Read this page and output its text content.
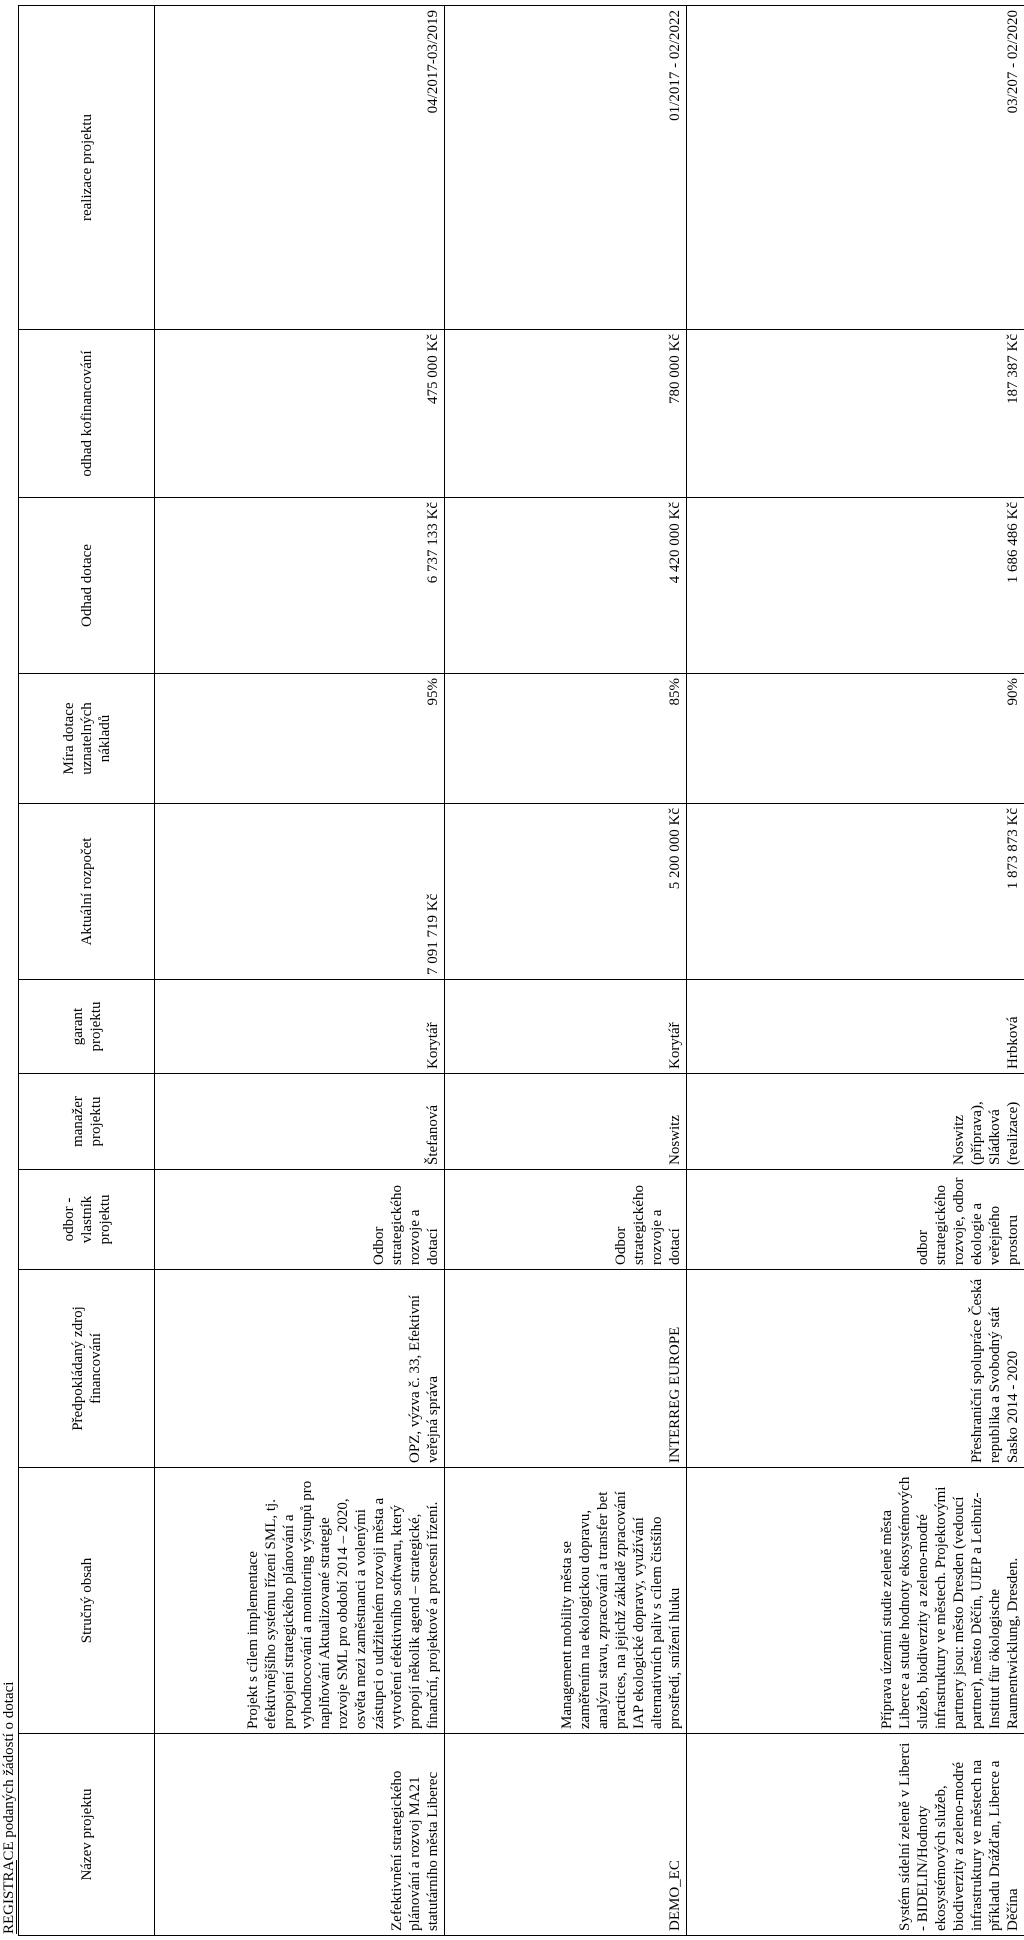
REGISTRACE podaných žádostí o dotaci	Název projektu	Stručný obsah	Předpokládaný zdroj financování	odbor - vlastník projektu	manažer projektu	garant projektu	Aktuální rozpočet	Míra dotace uznatelných nákladů	Odhad dotace	odhad kofinancování	realizace projektu
Zefektivnění strategického plánování a rozvoj MA21 statutárního města Liberec	Projekt s cílem implementace efektivnějšího systému řízení SML, tj. propojení strategického plánování a vyhodnocování a monitoring výstupů pro naplňování Aktualizované strategie rozvoje SML pro období 2014 – 2020, osvěta mezi zaměstnanci a volenými zástupci o udržitelném rozvoji města a vytvoření efektivního softwaru, který propojí několik agend – strategické, finanční, projektové a procesní řízení.	OPZ, výzva č. 33, Efektivní veřejná správa	Odbor strategického rozvoje a dotací	Štefanová	Korytář	7 091 719 Kč	95%	6 737 133 Kč	475 000 Kč	04/2017-03/2019
DEMO_EC	Management mobility města se zaměřením na ekologickou dopravu, analýzu stavu, zpracování a transfer bet practices, na jejichž základě zpracování IAP ekologické dopravy, využívání alternativních paliv s cílem čistšího prostředí, snížení hluku	INTERREG EUROPE	Odbor strategického rozvoje a dotací	Noswitz	Korytář	5 200 000 Kč	85%	4 420 000 Kč	780 000 Kč	01/2017 - 02/2022
Systém sídelní zeleně v Liberci - BIDELIN/Hodnoty ekosystémových služeb, biodiverzity a zeleno-modré infrastruktury ve městech na příkladu Drážďan, Liberce a Děčína	Příprava územní studie zeleně města Liberce a studie hodnoty ekosystémových služeb, biodiverzity a zeleno-modré infrastruktury ve městech. Projektovými partnery jsou: město Dresden (vedoucí partner), město Děčín, UJEP a Leibniz-Institut für ökologische Raumentwicklung, Dresden.	Přeshraniční spolupráce Česká republika a Svobodný stát Sasko 2014 - 2020	odbor strategického rozvoje, odbor ekologie a veřejného prostoru	Noswitz (příprava), Sládková (realizace)	Hrbková	1 873 873 Kč	90%	1 686 486 Kč	187 387 Kč	03/207 - 02/2020
